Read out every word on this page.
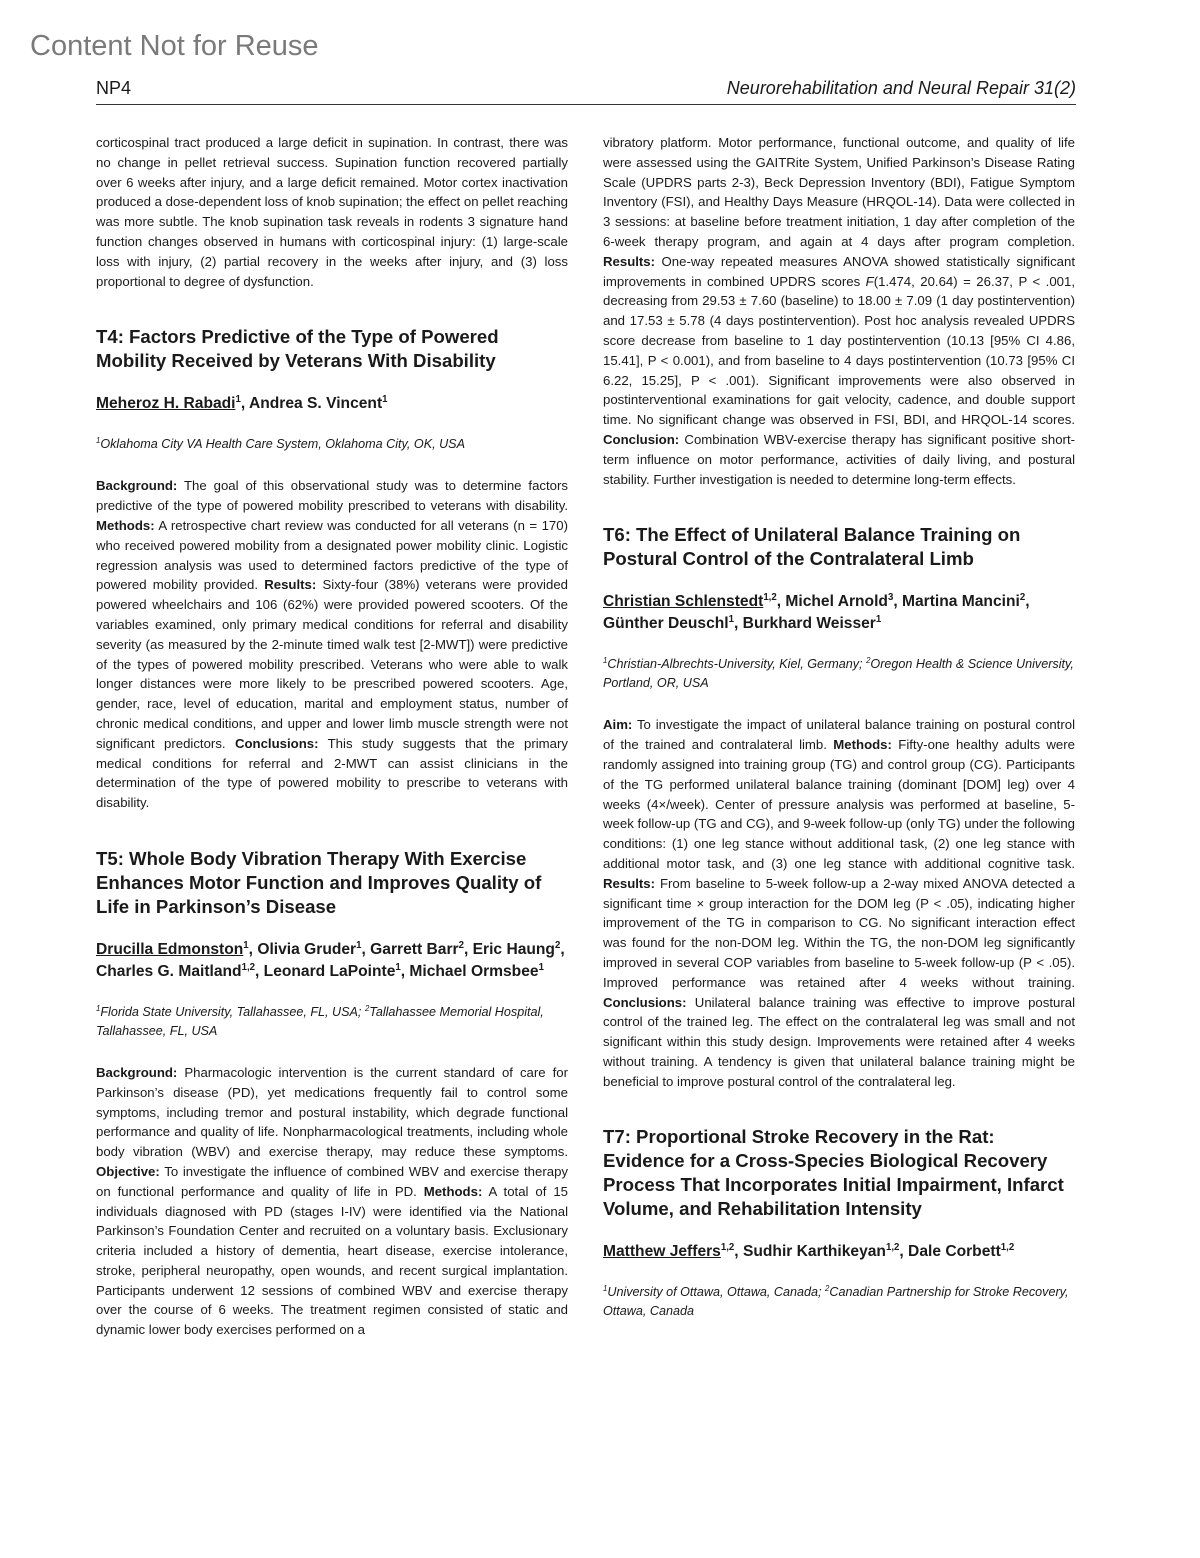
Content Not for Reuse
NP4	Neurorehabilitation and Neural Repair 31(2)

corticospinal tract produced a large deficit in supination. In contrast, there was no change in pellet retrieval success. Supination function recovered partially over 6 weeks after injury, and a large deficit remained. Motor cortex inactivation produced a dose-dependent loss of knob supination; the effect on pellet reaching was more subtle. The knob supination task reveals in rodents 3 signature hand function changes observed in humans with corticospinal injury: (1) large-scale loss with injury, (2) partial recovery in the weeks after injury, and (3) loss proportional to degree of dysfunction.

T4: Factors Predictive of the Type of Powered Mobility Received by Veterans With Disability
Meheroz H. Rabadi$^1$, Andrea S. Vincent$^1$
$^1$Oklahoma City VA Health Care System, Oklahoma City, OK, USA

Background: The goal of this observational study was to determine factors predictive of the type of powered mobility prescribed to veterans with disability. Methods: A retrospective chart review was conducted for all veterans (n = 170) who received powered mobility from a designated power mobility clinic. Logistic regression analysis was used to determined factors predictive of the type of powered mobility provided. Results: Sixty-four (38%) veterans were provided powered wheelchairs and 106 (62%) were provided powered scooters. Of the variables examined, only primary medical conditions for referral and disability severity (as measured by the 2-minute timed walk test [2-MWT]) were predictive of the types of powered mobility prescribed. Veterans who were able to walk longer distances were more likely to be prescribed powered scooters. Age, gender, race, level of education, marital and employment status, number of chronic medical conditions, and upper and lower limb muscle strength were not significant predictors. Conclusions: This study suggests that the primary medical conditions for referral and 2-MWT can assist clinicians in the determination of the type of powered mobility to prescribe to veterans with disability.

T5: Whole Body Vibration Therapy With Exercise Enhances Motor Function and Improves Quality of Life in Parkinson’s Disease
Drucilla Edmonston$^1$, Olivia Gruder$^1$, Garrett Barr$^2$, Eric Haung$^2$, Charles G. Maitland$^{1,2}$, Leonard LaPointe$^1$, Michael Ormsbee$^1$
$^1$Florida State University, Tallahassee, FL, USA; $^2$Tallahassee Memorial Hospital, Tallahassee, FL, USA

Background: Pharmacologic intervention is the current standard of care for Parkinson’s disease (PD), yet medications frequently fail to control some symptoms, including tremor and postural instability, which degrade functional performance and quality of life. Nonpharmacological treatments, including whole body vibration (WBV) and exercise therapy, may reduce these symptoms. Objective: To investigate the influence of combined WBV and exercise therapy on functional performance and quality of life in PD. Methods: A total of 15 individuals diagnosed with PD (stages I-IV) were identified via the National Parkinson’s Foundation Center and recruited on a voluntary basis. Exclusionary criteria included a history of dementia, heart disease, exercise intolerance, stroke, peripheral neuropathy, open wounds, and recent surgical implantation. Participants underwent 12 sessions of combined WBV and exercise therapy over the course of 6 weeks. The treatment regimen consisted of static and dynamic lower body exercises performed on a

vibratory platform. Motor performance, functional outcome, and quality of life were assessed using the GAITRite System, Unified Parkinson’s Disease Rating Scale (UPDRS parts 2-3), Beck Depression Inventory (BDI), Fatigue Symptom Inventory (FSI), and Healthy Days Measure (HRQOL-14). Data were collected in 3 sessions: at baseline before treatment initiation, 1 day after completion of the 6-week therapy program, and again at 4 days after program completion. Results: One-way repeated measures ANOVA showed statistically significant improvements in combined UPDRS scores F(1.474, 20.64) = 26.37, P < .001, decreasing from 29.53 ± 7.60 (baseline) to 18.00 ± 7.09 (1 day postintervention) and 17.53 ± 5.78 (4 days postintervention). Post hoc analysis revealed UPDRS score decrease from baseline to 1 day postintervention (10.13 [95% CI 4.86, 15.41], P < 0.001), and from baseline to 4 days postintervention (10.73 [95% CI 6.22, 15.25], P < .001). Significant improvements were also observed in postinterventional examinations for gait velocity, cadence, and double support time. No significant change was observed in FSI, BDI, and HRQOL-14 scores. Conclusion: Combination WBV-exercise therapy has significant positive short-term influence on motor performance, activities of daily living, and postural stability. Further investigation is needed to determine long-term effects.

T6: The Effect of Unilateral Balance Training on Postural Control of the Contralateral Limb
Christian Schlenstedt$^{1,2}$, Michel Arnold$^3$, Martina Mancini$^2$, Günther Deuschl$^1$, Burkhard Weisser$^1$
$^1$Christian-Albrechts-University, Kiel, Germany; $^2$Oregon Health & Science University, Portland, OR, USA

Aim: To investigate the impact of unilateral balance training on postural control of the trained and contralateral limb. Methods: Fifty-one healthy adults were randomly assigned into training group (TG) and control group (CG). Participants of the TG performed unilateral balance training (dominant [DOM] leg) over 4 weeks (4×/week). Center of pressure analysis was performed at baseline, 5-week follow-up (TG and CG), and 9-week follow-up (only TG) under the following conditions: (1) one leg stance without additional task, (2) one leg stance with additional motor task, and (3) one leg stance with additional cognitive task. Results: From baseline to 5-week follow-up a 2-way mixed ANOVA detected a significant time × group interaction for the DOM leg (P < .05), indicating higher improvement of the TG in comparison to CG. No significant interaction effect was found for the non-DOM leg. Within the TG, the non-DOM leg significantly improved in several COP variables from baseline to 5-week follow-up (P < .05). Improved performance was retained after 4 weeks without training. Conclusions: Unilateral balance training was effective to improve postural control of the trained leg. The effect on the contralateral leg was small and not significant within this study design. Improvements were retained after 4 weeks without training. A tendency is given that unilateral balance training might be beneficial to improve postural control of the contralateral leg.

T7: Proportional Stroke Recovery in the Rat: Evidence for a Cross-Species Biological Recovery Process That Incorporates Initial Impairment, Infarct Volume, and Rehabilitation Intensity
Matthew Jeffers$^{1,2}$, Sudhir Karthikeyan$^{1,2}$, Dale Corbett$^{1,2}$
$^1$University of Ottawa, Ottawa, Canada; $^2$Canadian Partnership for Stroke Recovery, Ottawa, Canada
